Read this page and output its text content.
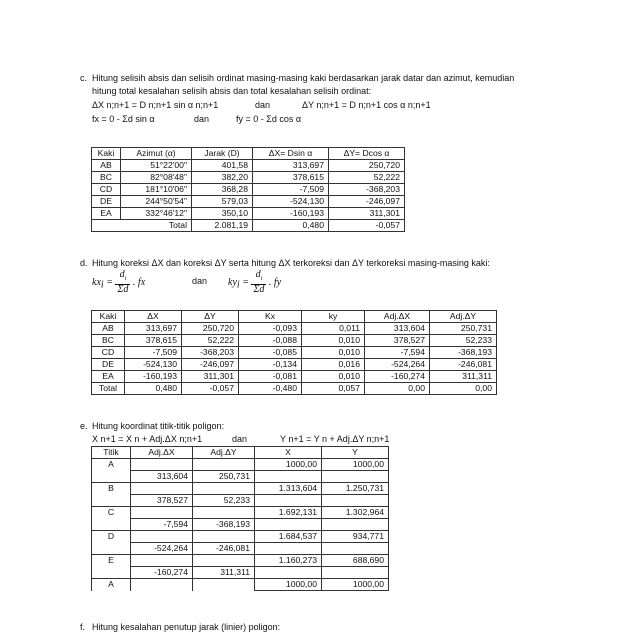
c. Hitung selisih absis dan selisih ordinat masing-masing kaki berdasarkan jarak datar dan azimut, kemudian
hitung total kesalahan selisih absis dan total kesalahan selisih ordinat:
ΔX n;n+1 = D n;n+1 sin α n;n+1	dan	ΔY n;n+1 = D n;n+1 cos α n;n+1
fx = 0 - Σd sin α	dan	fy = 0 - Σd cos α
Kaki	Azimut (α)	Jarak (D)	ΔX= Dsin α	ΔY= Dcos α
AB	51°22'00"	401,58	313,697	250,720
BC	82°08'48"	382,20	378,615	52,222
CD	181°10'06"	368,28	-7,509	-368,203
DE	244°50'54"	579,03	-524,130	-246,097
EA	332°46'12"	350,10	-160,193	311,301
Total		2.081,19	0,480	-0,057
d. Hitung koreksi ΔX dan koreksi ΔY serta hitung ΔX terkoreksi dan ΔY terkoreksi masing-masing kaki:
$kx_i = \frac{d_i}{\Sigma d}$ . fx	dan $ky_i = \frac{d_i}{\Sigma d}$ . fy
Kaki	ΔX	ΔY	Kx	ky	Adj.ΔX	Adj.ΔY
AB	313,697	250,720	-0,093	0,011	313,604	250,731
BC	378,615	52,222	-0,088	0,010	378,527	52,233
CD	-7,509	-368,203	-0,085	0,010	-7,594	-368,193
DE	-524,130	-246,097	-0,134	0,016	-524,264	-246,081
EA	-160,193	311,301	-0,081	0,010	-160,274	311,311
Total	0,480	-0,057	-0,480	0,057	0,00	0,00
e. Hitung koordinat titik-titik poligon:
X n+1 = X n + Adj.ΔX n;n+1	dan	Y n+1 = Y n + Adj.ΔY n;n+1
Titik	Adj.ΔX	Adj.ΔY	X	Y
A			1000,00	1000,00
	313,604	250,731		
B			1.313,604	1.250,731
	378,527	52,233		
C			1.692,131	1.302,964
	-7,594	-368,193		
D			1.684,537	934,771
	-524,264	-246,081		
E			1.160,273	688,690
	-160,274	311,311		
A			1000,00	1000,00
f. Hitung kesalahan penutup jarak (linier) poligon:
